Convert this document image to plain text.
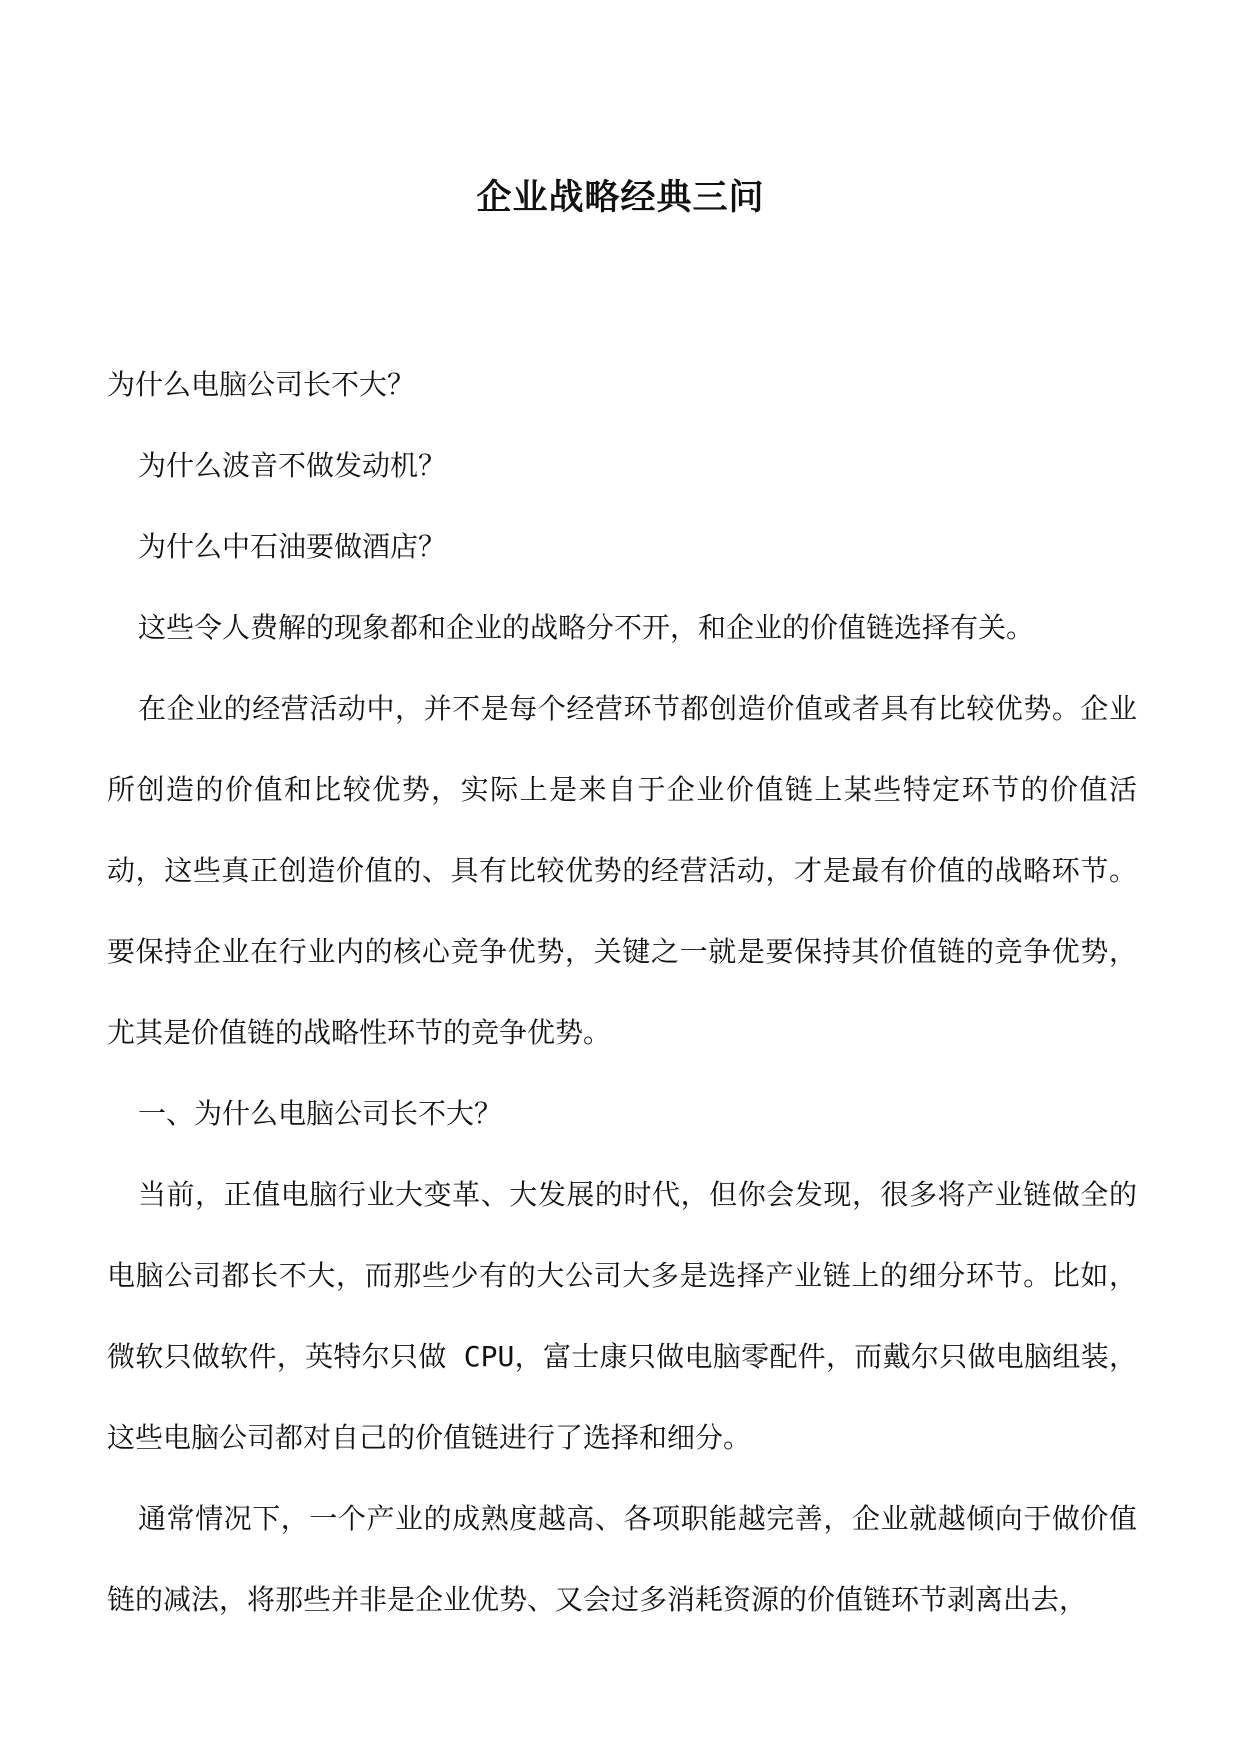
企业战略经典三问

为什么电脑公司长不大？

为什么波音不做发动机？

为什么中石油要做酒店？

这些令人费解的现象都和企业的战略分不开，和企业的价值链选择有关。

在企业的经营活动中，并不是每个经营环节都创造价值或者具有比较优势。企业所创造的价值和比较优势，实际上是来自于企业价值链上某些特定环节的价值活动，这些真正创造价值的、具有比较优势的经营活动，才是最有价值的战略环节。要保持企业在行业内的核心竞争优势，关键之一就是要保持其价值链的竞争优势，尤其是价值链的战略性环节的竞争优势。

一、为什么电脑公司长不大？

当前，正值电脑行业大变革、大发展的时代，但你会发现，很多将产业链做全的电脑公司都长不大，而那些少有的大公司大多是选择产业链上的细分环节。比如，微软只做软件，英特尔只做 CPU，富士康只做电脑零配件，而戴尔只做电脑组装，这些电脑公司都对自己的价值链进行了选择和细分。

通常情况下，一个产业的成熟度越高、各项职能越完善，企业就越倾向于做价值链的减法，将那些并非是企业优势、又会过多消耗资源的价值链环节剥离出去，
